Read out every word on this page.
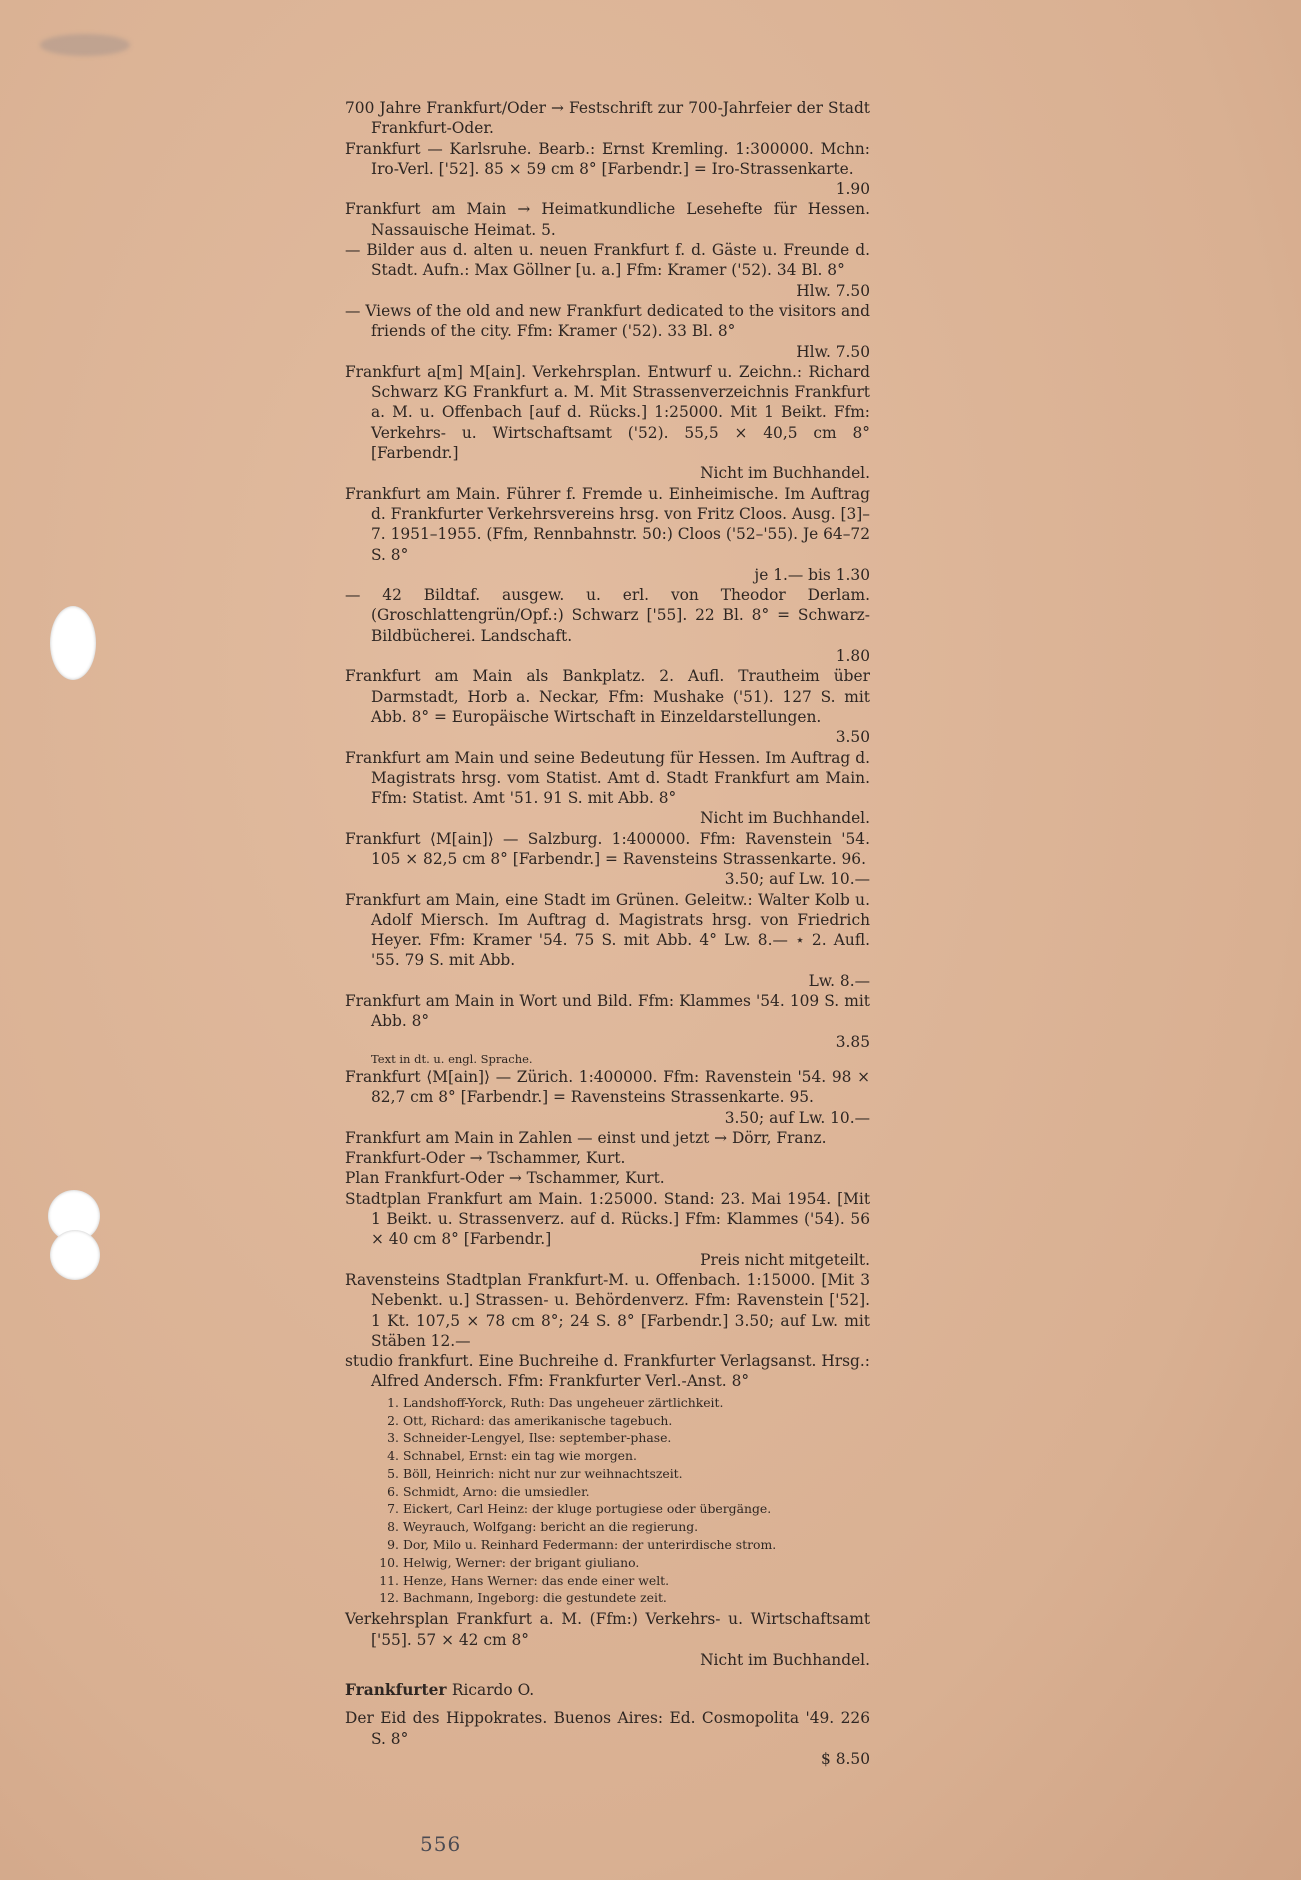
700 Jahre Frankfurt/Oder → Festschrift zur 700-Jahrfeier der Stadt Frankfurt-Oder.
Frankfurt — Karlsruhe. Bearb.: Ernst Kremling. 1:300000. Mchn: Iro-Verl. ['52]. 85 × 59 cm 8° [Farbendr.] = Iro-Strassenkarte.
1.90
Frankfurt am Main → Heimatkundliche Lesehefte für Hessen. Nassauische Heimat. 5.
— Bilder aus d. alten u. neuen Frankfurt f. d. Gäste u. Freunde d. Stadt. Aufn.: Max Göllner [u. a.] Ffm: Kramer ('52). 34 Bl. 8°
Hlw. 7.50
— Views of the old and new Frankfurt dedicated to the visitors and friends of the city. Ffm: Kramer ('52). 33 Bl. 8°
Hlw. 7.50
Frankfurt a[m] M[ain]. Verkehrsplan. Entwurf u. Zeichn.: Richard Schwarz KG Frankfurt a. M. Mit Strassenverzeichnis Frankfurt a. M. u. Offenbach [auf d. Rücks.] 1:25000. Mit 1 Beikt. Ffm: Verkehrs- u. Wirtschaftsamt ('52). 55,5 × 40,5 cm 8° [Farbendr.]
Nicht im Buchhandel.
Frankfurt am Main. Führer f. Fremde u. Einheimische. Im Auftrag d. Frankfurter Verkehrsvereins hrsg. von Fritz Cloos. Ausg. [3]–7. 1951–1955. (Ffm, Rennbahnstr. 50:) Cloos ('52–'55). Je 64–72 S. 8°
je 1.— bis 1.30
— 42 Bildtaf. ausgew. u. erl. von Theodor Derlam. (Groschlattengrün/Opf.:) Schwarz ['55]. 22 Bl. 8° = Schwarz-Bildbücherei. Landschaft.
1.80
Frankfurt am Main als Bankplatz. 2. Aufl. Trautheim über Darmstadt, Horb a. Neckar, Ffm: Mushake ('51). 127 S. mit Abb. 8° = Europäische Wirtschaft in Einzeldarstellungen.
3.50
Frankfurt am Main und seine Bedeutung für Hessen. Im Auftrag d. Magistrats hrsg. vom Statist. Amt d. Stadt Frankfurt am Main. Ffm: Statist. Amt '51. 91 S. mit Abb. 8°
Nicht im Buchhandel.
Frankfurt ⟨M[ain]⟩ — Salzburg. 1:400000. Ffm: Ravenstein '54. 105 × 82,5 cm 8° [Farbendr.] = Ravensteins Strassenkarte. 96.
3.50; auf Lw. 10.—
Frankfurt am Main, eine Stadt im Grünen. Geleitw.: Walter Kolb u. Adolf Miersch. Im Auftrag d. Magistrats hrsg. von Friedrich Heyer. Ffm: Kramer '54. 75 S. mit Abb. 4° Lw. 8.— ⋆ 2. Aufl. '55. 79 S. mit Abb.
Lw. 8.—
Frankfurt am Main in Wort und Bild. Ffm: Klammes '54. 109 S. mit Abb. 8°
3.85
Text in dt. u. engl. Sprache.
Frankfurt ⟨M[ain]⟩ — Zürich. 1:400000. Ffm: Ravenstein '54. 98 × 82,7 cm 8° [Farbendr.] = Ravensteins Strassenkarte. 95.
3.50; auf Lw. 10.—
Frankfurt am Main in Zahlen — einst und jetzt → Dörr, Franz.
Frankfurt-Oder → Tschammer, Kurt.
Plan Frankfurt-Oder → Tschammer, Kurt.
Stadtplan Frankfurt am Main. 1:25000. Stand: 23. Mai 1954. [Mit 1 Beikt. u. Strassenverz. auf d. Rücks.] Ffm: Klammes ('54). 56 × 40 cm 8° [Farbendr.]
Preis nicht mitgeteilt.
Ravensteins Stadtplan Frankfurt-M. u. Offenbach. 1:15000. [Mit 3 Nebenkt. u.] Strassen- u. Behördenverz. Ffm: Ravenstein ['52]. 1 Kt. 107,5 × 78 cm 8°; 24 S. 8° [Farbendr.] 3.50; auf Lw. mit Stäben 12.—
studio frankfurt. Eine Buchreihe d. Frankfurter Verlagsanst. Hrsg.: Alfred Andersch. Ffm: Frankfurter Verl.-Anst. 8°
1. Landshoff-Yorck, Ruth: Das ungeheuer zärtlichkeit.
2. Ott, Richard: das amerikanische tagebuch.
3. Schneider-Lengyel, Ilse: september-phase.
4. Schnabel, Ernst: ein tag wie morgen.
5. Böll, Heinrich: nicht nur zur weihnachtszeit.
6. Schmidt, Arno: die umsiedler.
7. Eickert, Carl Heinz: der kluge portugiese oder übergänge.
8. Weyrauch, Wolfgang: bericht an die regierung.
9. Dor, Milo u. Reinhard Federmann: der unterirdische strom.
10. Helwig, Werner: der brigant giuliano.
11. Henze, Hans Werner: das ende einer welt.
12. Bachmann, Ingeborg: die gestundete zeit.
Verkehrsplan Frankfurt a. M. (Ffm:) Verkehrs- u. Wirtschaftsamt ['55]. 57 × 42 cm 8°
Nicht im Buchhandel.
Frankfurter Ricardo O.
Der Eid des Hippokrates. Buenos Aires: Ed. Cosmopolita '49. 226 S. 8°
$ 8.50
556
